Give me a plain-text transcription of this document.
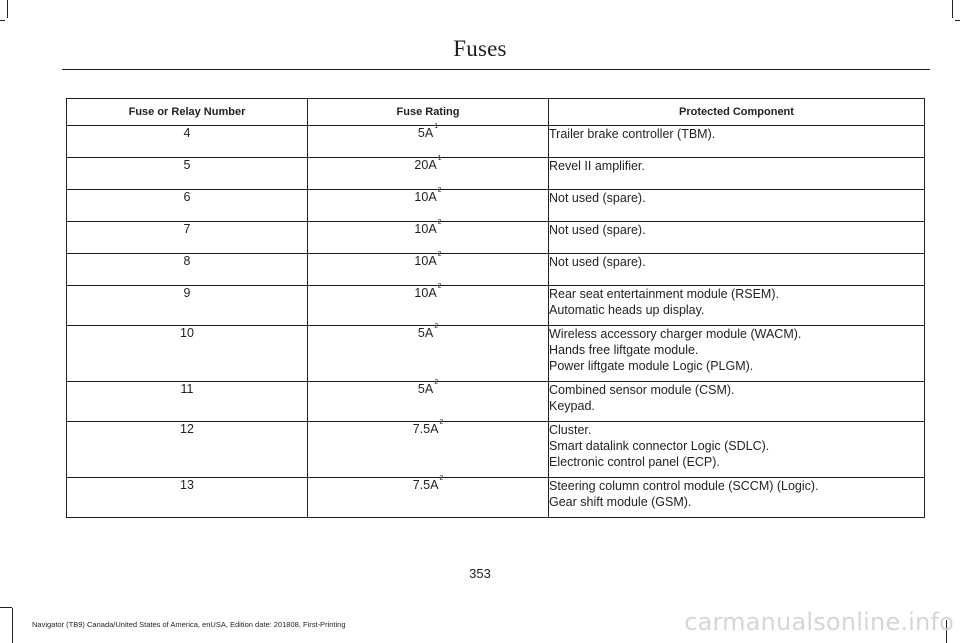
Fuses
Fuse or Relay Number	Fuse Rating	Protected Component
4	$5A^1$	Trailer brake controller (TBM).

5	$20A^1$	Revel II amplifier.

6	$10A^2$	Not used (spare).

7	$10A^2$	Not used (spare).

8	$10A^2$	Not used (spare).

9	$10A^2$	Rear seat entertainment module (RSEM).
Automatic heads up display.

10	$5A^2$	Wireless accessory charger module (WACM).
Hands free liftgate module.
Power liftgate module Logic (PLGM).

11	$5A^2$	Combined sensor module (CSM).
Keypad.

12	$7.5A^2$	Cluster.
Smart datalink connector Logic (SDLC).
Electronic control panel (ECP).

13	$7.5A^2$	Steering column control module (SCCM) (Logic).
Gear shift module (GSM).
353
Navigator (TB9) Canada/United States of America, enUSA, Edition date: 201808, First-Printing	carmanualsonline.info
